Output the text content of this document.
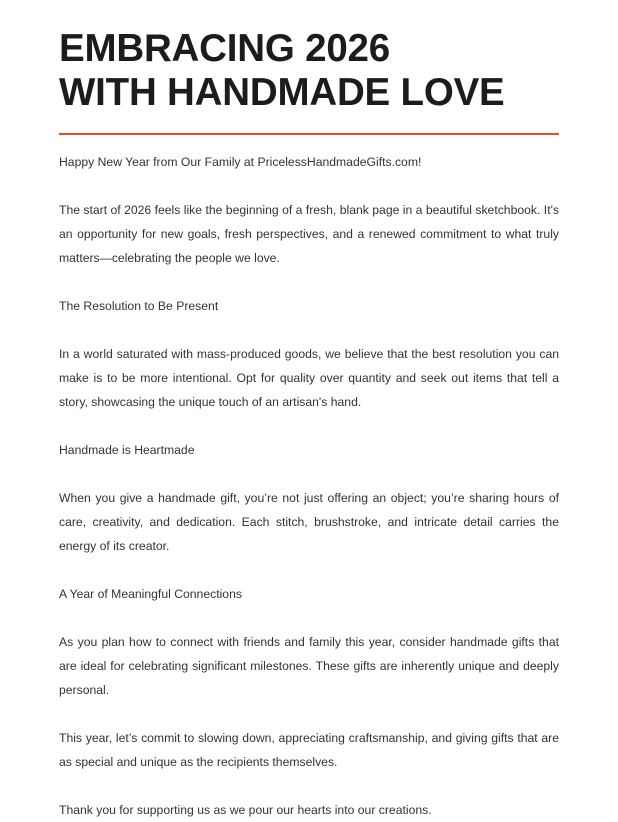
EMBRACING 2026
WITH HANDMADE LOVE

Happy New Year from Our Family at PricelessHandmadeGifts.com!

The start of 2026 feels like the beginning of a fresh, blank page in a beautiful sketchbook. It's an opportunity for new goals, fresh perspectives, and a renewed commitment to what truly matters—celebrating the people we love.

The Resolution to Be Present

In a world saturated with mass-produced goods, we believe that the best resolution you can make is to be more intentional. Opt for quality over quantity and seek out items that tell a story, showcasing the unique touch of an artisan's hand.

Handmade is Heartmade

When you give a handmade gift, you’re not just offering an object; you’re sharing hours of care, creativity, and dedication. Each stitch, brushstroke, and intricate detail carries the energy of its creator.

A Year of Meaningful Connections

As you plan how to connect with friends and family this year, consider handmade gifts that are ideal for celebrating significant milestones. These gifts are inherently unique and deeply personal.

This year, let’s commit to slowing down, appreciating craftsmanship, and giving gifts that are as special and unique as the recipients themselves.

Thank you for supporting us as we pour our hearts into our creations.
